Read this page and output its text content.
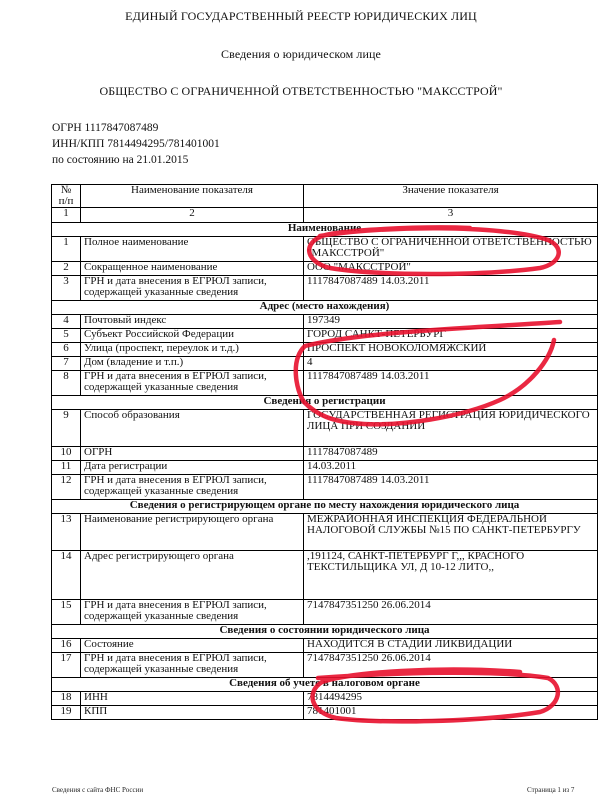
ЕДИНЫЙ ГОСУДАРСТВЕННЫЙ РЕЕСТР ЮРИДИЧЕСКИХ ЛИЦ
Сведения о юридическом лице
ОБЩЕСТВО С ОГРАНИЧЕННОЙ ОТВЕТСТВЕННОСТЬЮ "МАКССТРОЙ"
ОГРН 1117847087489
ИНН/КПП 7814494295/781401001
по состоянию на 21.01.2015
№ п/п	Наименование показателя	Значение показателя
1	2	3
Наименование		
1	Полное наименование	ОБЩЕСТВО С ОГРАНИЧЕННОЙ ОТВЕТСТВЕННОСТЬЮ "МАКССТРОЙ"
2	Сокращенное наименование	ООО "МАКССТРОЙ"
3	ГРН и дата внесения в ЕГРЮЛ записи, содержащей указанные сведения	1117847087489 14.03.2011
Адрес (место нахождения)		
4	Почтовый индекс	197349
5	Субъект Российской Федерации	ГОРОД САНКТ-ПЕТЕРБУРГ
6	Улица (проспект, переулок и т.д.)	ПРОСПЕКТ НОВОКОЛОМЯЖСКИЙ
7	Дом (владение и т.п.)	4
8	ГРН и дата внесения в ЕГРЮЛ записи, содержащей указанные сведения	1117847087489 14.03.2011
Сведения о регистрации		
9	Способ образования	ГОСУДАРСТВЕННАЯ РЕГИСТРАЦИЯ ЮРИДИЧЕСКОГО ЛИЦА ПРИ СОЗДАНИИ
10	ОГРН	1117847087489
11	Дата регистрации	14.03.2011
12	ГРН и дата внесения в ЕГРЮЛ записи, содержащей указанные сведения	1117847087489 14.03.2011
Сведения о регистрирующем органе по месту нахождения юридического лица		
13	Наименование регистрирующего органа	МЕЖРАЙОННАЯ ИНСПЕКЦИЯ ФЕДЕРАЛЬНОЙ НАЛОГОВОЙ СЛУЖБЫ №15 ПО САНКТ-ПЕТЕРБУРГУ
14	Адрес регистрирующего органа	,191124, САНКТ-ПЕТЕРБУРГ Г,,, КРАСНОГО ТЕКСТИЛЬЩИКА УЛ, Д 10-12 ЛИТО,,
15	ГРН и дата внесения в ЕГРЮЛ записи, содержащей указанные сведения	7147847351250 26.06.2014
Сведения о состоянии юридического лица		
16	Состояние	НАХОДИТСЯ В СТАДИИ ЛИКВИДАЦИИ
17	ГРН и дата внесения в ЕГРЮЛ записи, содержащей указанные сведения	7147847351250 26.06.2014
Сведения об учете в налоговом органе		
18	ИНН	7814494295
19	КПП	781401001
Сведения с сайта ФНС России	Страница 1 из 7
